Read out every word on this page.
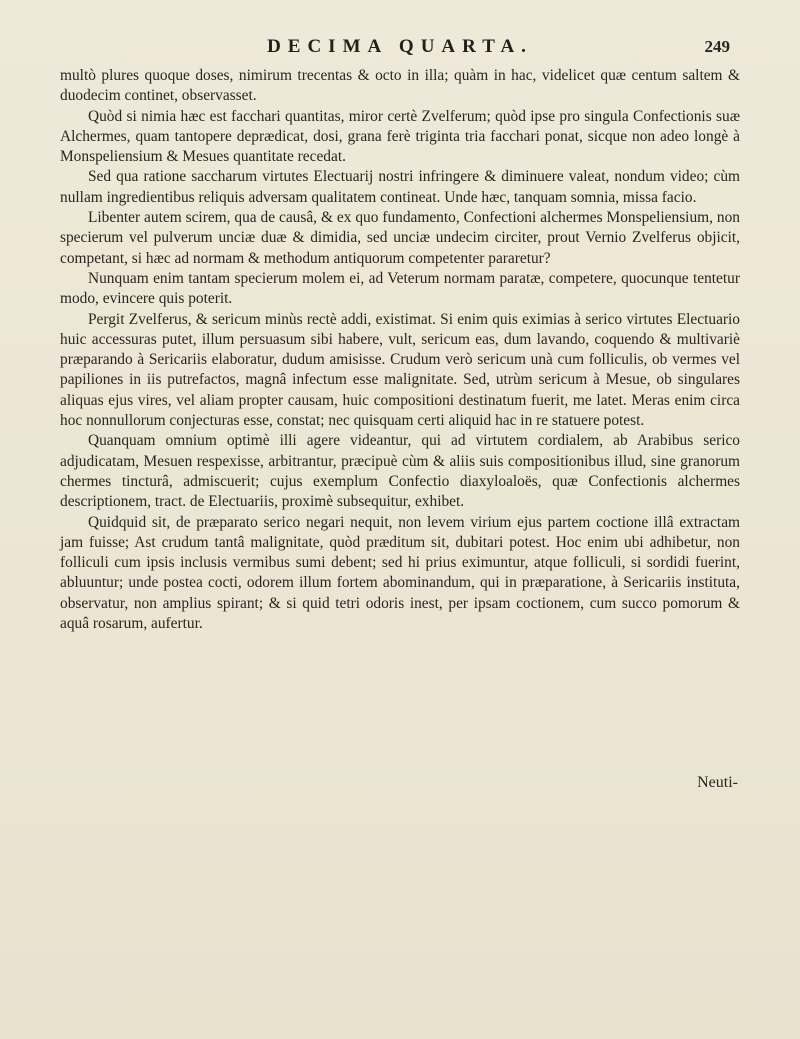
DECIMA QUARTA.	249

multò plures quoque doses, nimirum trecentas & octo in illa; quàm in hac, videlicet quæ centum saltem & duodecim continet, observasset.

Quòd si nimia hæc est facchari quantitas, miror certè Zvelferum; quòd ipse pro singula Confectionis suæ Alchermes, quam tantopere deprædicat, dosi, grana ferè triginta tria facchari ponat, sicque non adeo longè à Monspeliensium & Mesues quantitate recedat.

Sed qua ratione saccharum virtutes Electuarij nostri infringere & diminuere valeat, nondum video; cùm nullam ingredientibus reliquis adversam qualitatem contineat. Unde hæc, tanquam somnia, missa facio.

Libenter autem scirem, qua de causâ, & ex quo fundamento, Confectioni alchermes Monspeliensium, non specierum vel pulverum unciæ duæ & dimidia, sed unciæ undecim circiter, prout Vernio Zvelferus objicit, competant, si hæc ad normam & methodum antiquorum competenter pararetur?

Nunquam enim tantam specierum molem ei, ad Veterum normam paratæ, competere, quocunque tentetur modo, evincere quis poterit.

Pergit Zvelferus, & sericum minùs rectè addi, existimat. Si enim quis eximias à serico virtutes Electuario huic accessuras putet, illum persuasum sibi habere, vult, sericum eas, dum lavando, coquendo & multivariè præparando à Sericariis elaboratur, dudum amisisse. Crudum verò sericum unà cum folliculis, ob vermes vel papiliones in iis putrefactos, magnâ infectum esse malignitate. Sed, utrùm sericum à Mesue, ob singulares aliquas ejus vires, vel aliam propter causam, huic compositioni destinatum fuerit, me latet. Meras enim circa hoc nonnullorum conjecturas esse, constat; nec quisquam certi aliquid hac in re statuere potest.

Quanquam omnium optimè illi agere videantur, qui ad virtutem cordialem, ab Arabibus serico adjudicatam, Mesuen respexisse, arbitrantur, præcipuè cùm & aliis suis compositionibus illud, sine granorum chermes tincturâ, admiscuerit; cujus exemplum Confectio diaxyloaloës, quæ Confectionis alchermes descriptionem, tract. de Electuariis, proximè subsequitur, exhibet.

Quidquid sit, de præparato serico negari nequit, non levem virium ejus partem coctione illâ extractam jam fuisse; Ast crudum tantâ malignitate, quòd præditum sit, dubitari potest. Hoc enim ubi adhibetur, non folliculi cum ipsis inclusis vermibus sumi debent; sed hi prius eximuntur, atque folliculi, si sordidi fuerint, abluuntur; unde postea cocti, odorem illum fortem abominandum, qui in præparatione, à Sericariis instituta, observatur, non amplius spirant; & si quid tetri odoris inest, per ipsam coctionem, cum succo pomorum & aquâ rosarum, aufertur.

Neuti-
